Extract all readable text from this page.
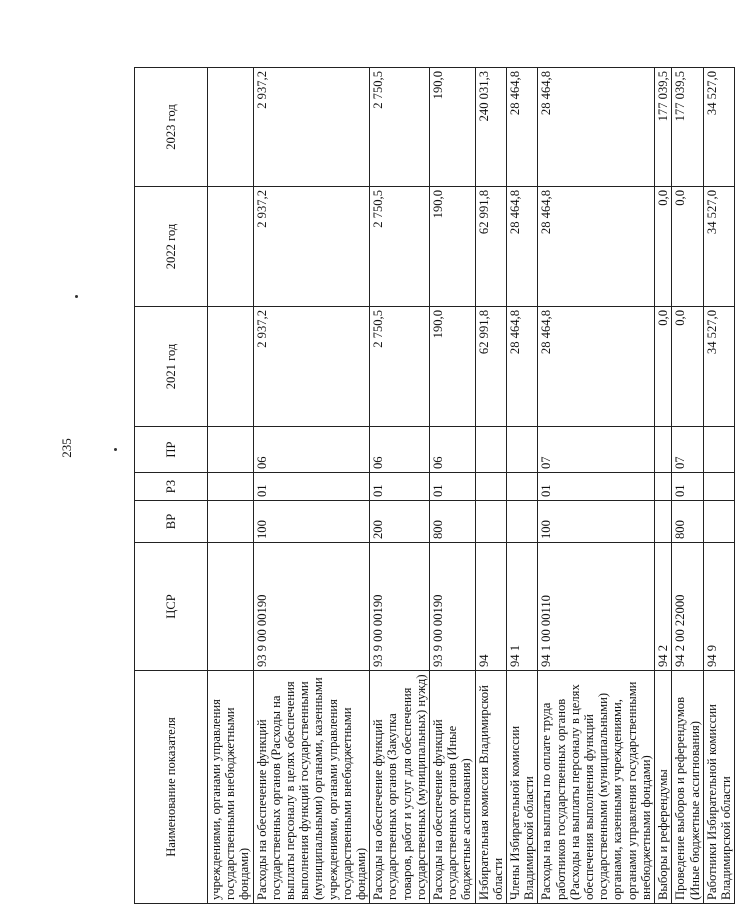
235
Наименование показателя	ЦСР	ВР	РЗ	ПР	2021 год	2022 год	2023 год
учреждениями, органами управления государственными внебюджетными фондами)							
Расходы на обеспечение функций государственных органов (Расходы на выплаты персоналу в целях обеспечения выполнения функций государственными (муниципальными) органами, казенными учреждениями, органами управления государственными внебюджетными фондами)	93 9 00 00190	100	01	06	2 937,2	2 937,2	2 937,2
Расходы на обеспечение функций государственных органов (Закупка товаров, работ и услуг для обеспечения государственных (муниципальных) нужд)	93 9 00 00190	200	01	06	2 750,5	2 750,5	2 750,5
Расходы на обеспечение функций государственных органов (Иные бюджетные ассигнования)	93 9 00 00190	800	01	06	190,0	190,0	190,0
Избирательная комиссия Владимирской области	94				62 991,8	62 991,8	240 031,3
Члены Избирательной комиссии Владимирской области	94 1				28 464,8	28 464,8	28 464,8
Расходы на выплаты по оплате труда работников государственных органов (Расходы на выплаты персоналу в целях обеспечения выполнения функций государственными (муниципальными) органами, казенными учреждениями, органами управления государственными внебюджетными фондами)	94 1 00 00110	100	01	07	28 464,8	28 464,8	28 464,8
Выборы и референдумы	94 2				0,0	0,0	177 039,5
Проведение выборов и референдумов (Иные бюджетные ассигнования)	94 2 00 22000	800	01	07	0,0	0,0	177 039,5
Работники Избирательной комиссии Владимирской области	94 9				34 527,0	34 527,0	34 527,0
